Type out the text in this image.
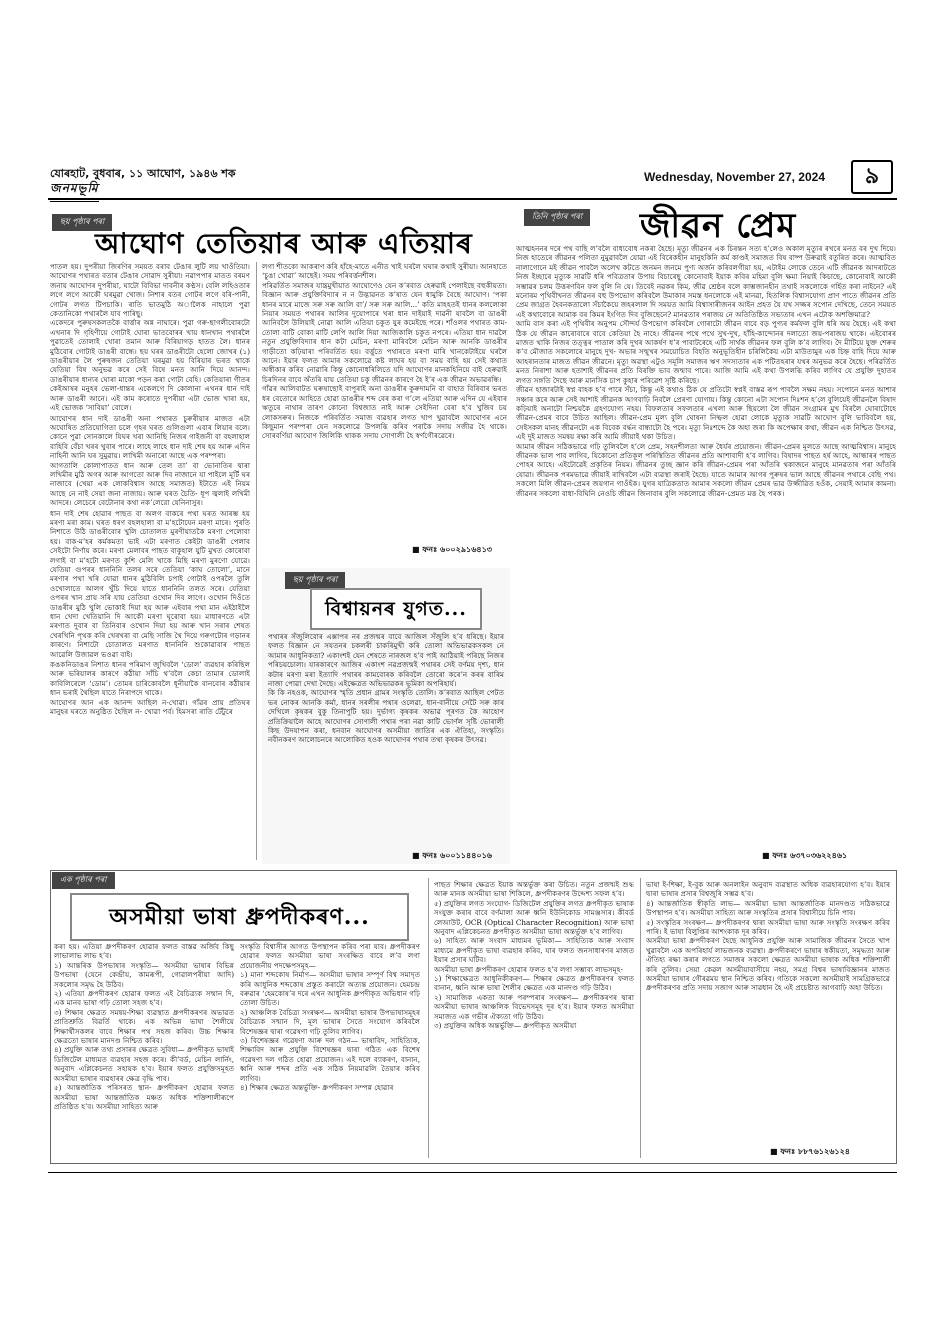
যোৰহাট, বুধবাৰ, ১১ আঘোণ, ১৯৪৬ শক
জনমভূমি
Wednesday, November 27, 2024	৯
ছয় পৃষ্ঠাৰ পৰা
আঘোণ তেতিয়াৰ আৰু এতিয়াৰ

পাতল হয়। দুপৰীয়া জিৰণিৰ সময়ত বৰাব টেঙাৰ লুটি লয় খাওঁতিয়া। আঘোণৰ পথাৰত বতাৰ টেঙাৰ সোৱাদ সুৰীয়া। নৱাপপাৰ মাতত বৰমণ জনায় আঘোণৰ দুপৰীয়া, ঘাটো বিবিভা দাবনীৰ কণ্ঠস। বেলি লহিওতাৰ লগে লগে আকৌ ঘৰমুৱা খোজ। নিশাৰ বতৰ গোটৰ লগে বৰি-পানী, গোটৰ লগত টিপচাকি। ৰাতি ভাতমুঠি অালৈক নাহালে পুৱা কেতানিকো পথাৰলৈ যাব পাৰিছু।
একেদৰে পুৰুষসকলতকৈ বাৰ্ত্তাৰ অন্ন নাঘাৰে। পুৱা গৰু-ছাগলীবোৰটো এখনাৰ দি গৃহিণীয়ে গোটাই ঘোৰা ভাতবোৰৰ খায় ধানখান পথাৰলৈ পুৱাতেই তোলাই খোৰা তমান আৰু বিৰিয়াগড় হাতত লৈ। ধানৰ মুঠিবোৰ গোটাই ডাঙৰী বান্ধে। ছয় ঘৰৰ ডাঙৰীটো হেলো জোখৰ (১) ডাঙৰীয়াৰ লৈ পুৰুষজন তেতিয়া ঘৰমুৱা হয় বিৰিয়াৰ ভৰত থাকে যেতিয়া বিষ অনুভৱ কৰে সেই বিষে মনত আনি দিয়ে আনন্দ। ডাঙৰীয়াৰ ধান্যৰ ঘোৰা মাকো পড়ন কৰা গোটা বেহি। কেতিয়াৰা গীতৰ কেইআষৰ মনুহৰ ভেলা-ধান্তৰ একেলগে দি কোলানা এখনৰ ধান দাই আৰু ডাঙৰী আনে। এই কাম কৰোতে দুপৰীয়া এটা ভোজ খাৰা হয়, এই ভোজক ‘সাবিয়া’ বোলে।

আঘোণৰ ধান দাই ডাঙৰী অনা পথাৰত চুৰুৰীয়াৰ মাজত এটা অঘোষিত প্ৰতিযোগিতা চলে গৃহৰ ঘৰত গুলিগুলা এবাৰ লিয়াৰ বলে। কোনে পুৱা সোনকালে যিঘৰ খৰা আনিছি নিজৰ গাইজনী বা বহলাহাল বাহিবি বেঁচা খৰৰ খুবাৰ পাৰে। লাহে লাহে ধান দাই শেষ হয় আৰু এদিন নাহিনী আনি ঘৰ সুমুৱায়। লাখিমী অনাৰো আছে এক পৰম্পৰা।
আগতালি কোলাপাতত ধান আৰু তেল তা’ বা ভোনাতিৰ দ্বাৰা লখিমীৰ মুঠি অগৰ আৰু আগতো আৰু দিব নাজানে যা পাইলে মূৰ্টি ঘৰ নাজাবে (খেয়া এক লোকবিশ্বাস আছে সমাজত) ইটাতে এই নিয়ম আছে নে নাই সেয়া জনা নাজায়। আৰু ঘৰত চৈতি- ধূপ জ্বলাই লখিমী আদৰে। লেচেৰে বেটোনাৰ কথা নক’লেরো যেনিনাসুৰ।

ধান দাই শেষ হোৱাৰ পাছত বা অলগ বাকৰে পথা ঘৰত আৰম্ভ হয় মৰণা মৰা কাম। ঘৰত ধৰণ বহলহালা বা ম’হটোযেন মৰণা মাৰে। পুৰতি নিশাতে উঠি ডাঙৰীবোৰ খুলি চোতালত মুৰণীয়াতকৈ মৰণা পেলোবা হয়। বাক-ম’হৰ কৰ্মকমতা ভাই এটা মৰণাত কেইটা ডাঙৰী পেলাব সেইটো নিৰ্ণায় কৰে। মৰণা মেলাবৰ পাছত বাকুহাল যুটি মুখত কোৰোবা লগাই বা ম’হটো মৰণত কুশি মেলি খাকে মিছি মৰণা মুৰণো যোৱে। যেতিয়া গুপৰৰ ধাননিনি তলৰ সৰে তেতিয়া ‘কাঘ তোলো’, মানে মৰণাৰ পথা খৰি যোৱা ধানৰ মুঠিবিলি চপাই গোটাই ওপৰলৈ তুলি ওখোলাতে আলগ খুঁচি দিয়ে যাতে ধাননিনি তলত সৰে। যেতিয়া ওপৰৰ খান প্ৰায় সৰি যায় তেতিয়া ওখোন দিব লাগে। ওখোন দিওঁতে ডাঙৰীৰ মুঠি খুলি ভোকাই দিয়া হয় আৰু এইবাৰ পথা মান এইঠাইলৈ ধান খেদা খেতিয়ানি দি আকৌ মৰণা ঘূৰোবা হয়। মাধাৰণতে এটা মৰণাত দুবাৰ বা তিনিবাৰ ওখোন দিয়া হয় আৰু খান সৰাৰ শেষত খেৰখিনি পৃথক কৰি খেৰখৰা বা মেছি সাজি থৈ দিয়ে গৰুগটোৰ গড়ানৰ কাৰণে। নিশাটো চোতালত মৰণাত ধাননিনি শুকোৱাবাৰ পাছত আৱেলি উজাৱল ভওৱা বাই।

কঙকনিডাঙৰ নিশাত ধানৰ পৰিমাণ জুখিবলৈ ‘ডোল’ ব্যৱহাৰ কৰিছিল আৰু ভৰিয়ালৰ কাৰণে কঠীয়া সাঁচি থ’বলৈ কেচা তামাৰ ডোলাই কাবিলিৰেলে ‘ডোম’। তোমৰ চাৰিকোবলৈ ধূনীয়াকৈ বানবোৰ কঠীয়াৰ ধান ভৰাই থৈছিল যাতে নিৰাপদে থাকে।
আঘোণৰ আন এক আনন্দ আছিল ন-খোৱা। গাঁৱৰ প্ৰায় প্ৰতিঘৰ মানুহৰ ঘৰতে অনুষ্ঠিত হৈছিল ন- খোৱা পৰ্ব। হিমসৰা ৰাতি টেঁটুৰে

লগা শীতকো আকৰাণ কৰি হাঁহে-মাতে এনীত খাই ঘৰলৈ ঘঘাৰ কথাই সুৰীয়া। আনহাতে ‘চুঙা খোৱা’ আছেই। সময় পৰিবৰ্ত্তনশীল।
পৰিৱৰ্তিত সমাজৰ যান্ত্ৰমুখীয়াত আঘোণেও যেন ক’ৰবাত হেৰুৱাই পেলাইছে বহুকীয়তা। বিজ্ঞান আৰু প্ৰযুক্তিবিদ্যাৰ ন ন উদ্ভাৱনত ক’ষাত যেন ধামুকি বৈছে আঘোণ। ‘পকা ধানৰ মাৰে মাজে সৰু সৰু আলি বা’/ সৰু সৰু আলি...’ কতি মাহহতই ধানৰ কললোকা নিয়াৰ সময়ত পথাৰৰ আলিৰ দুয়োপাৰে খৰা ধান দাইয়াই দাৱনী যাবলৈ বা ডাঙৰী আনিবলৈ উলিয়াই নোৱা আলি এতিয়া চকুত যুৰ কমেইছে পৰে। শাঁওলৰ পথাৰত কাম-তোলা বাটি বোকা মাটি লেপি আলি দিয়া আজিকালি চকুত নপৰে। এতিয়া ধান দাৱলৈ নতুন প্ৰযুক্তিবিদ্যাৰ ধান কটা মেচিন, মৰণা মাৰিবলৈ মেচিন আৰু আনকি ডাঙৰীৰ গাড়ীতো কঢ়িয়াৰা পৰিবৰ্তিত হয়। বৰ্ত্তুতে পথাৰতে মৰণা মাৰি খানকেটাইয়ে ঘৰলৈ আনে। ইয়াৰ ফলত আমাৰ সকলোৱে কষ্ট লাঘৰ হয় বা সময় বাহি হয় সেই কথাত অস্বীকাৰ কৰিব নোৱাৰি কিন্তু কোনোধৰিলিতে যদি আঘোণৰ মানকহিনিয়ে বাই হেৰুৱাই চিৰদিনৰ বাবে অঁতৰি যায় তেতিয়া চকু জীৱনৰ কাৰণে হৈ ই’ৰ এক জীৱন অভাৱৰন্ধি।
গাঁৱৰ আলিবাটত ঘৰুষাছোই বাপুৰাই অনা ডাঙৰীৰ কুৰুদামনি বা বাহাত বিৰিবাৰ ভৰত ধৰ বেতোৰে আহিতে হোৱা ডাঙৰীৰ শব্দ বেৰ কৰা গ’লে এতিয়া আৰু এদিন যে এইবাৰ ঋতুৰে নাথাৰ তাৰণ কোনো বিশ্বজাত নাই আৰু সেইদিনা বেৰা হ’ব খুজিব চয় লোকসৰুৰ। নিজকে পৰিবৰ্তিত সমাজ ব্যৱহাৰ লগত খাপ খুৱাবলৈ আঘোণৰ এনে কিছুমান পৰম্পৰা যেন সকলোৱে উপলব্ধি কৰিব পৰাকৈ সদায় সজীৱ হৈ থাকে। সোৰবৰ্ণিয়া আঘোণ জিলিকি থাকক সদায় সোণালী হৈ স্বৰ্ণগৌৰৱেৰে।

■ ফনঃ ৬০০২৯১৬৪১৩
ছয় পৃষ্ঠাৰ পৰা
বিশ্বায়নৰ যুগত...

পথাৰৰ সঁজুলিবোৰ এক্সাপৰ নৰ প্ৰজন্মৰ বাবে আজিল সঁজুলি হ’ব ধৰিছে। ইয়াৰ ফলত বিজ্ঞান নে সযতনৰ চকলৰী চাকৰিমুখী কৰি তোলা অভিভাৱকসকল নে আমাৰ আধুনিকতা? একাংশই যেন শেষতে নাৰজল হ’ব পাই আঠিয়াই পৰিছে নিজৰ পৰিচয়চোলা। যাৰকাৰণে আজিৰ একাংশ নৱপ্ৰজন্মই পথাৰৰ সেই বৰ্ণময় দৃশ্য, ধান কটাৰ মৰণা মৰা ইত্যাদি পথাৰৰ কামবোৰক কৰিবলৈ তোৰো কৰে’ন কৰৰ বাৰিম নাজা পোৱা দেখা দৈছে। এইক্ষেত্ৰত অভিভাৱকৰ ভূমিকা অপৰিহাৰ্য।
কি কি নহওক, আঘোণৰ স্মৃতি প্ৰধান গ্ৰামৰ সংস্কৃতি তোলি। ক’ৰবাত আছিল পেটত ভৰ নোকৰ আনকি কৰ্মা, ধানৰ সৰলীৰ পথাৰ ওলেৱা, ধান-বানীয়ে সেটৈ সৰু কাৰ দেখিলে কৃষকৰ বুকু তিনাপুটি হয়। দুৰ্ভাগ্য কৃষকৰ অভাৱ পূৰণত কৈ আহোণ প্ৰতিক্ৰিয়ালৈ আহে আঘোণৰ সোণালী পথাৰ পৰা নৱা কাটি ভোৰ্ণল সৃষ্টি ভোৰালী কিছ উদযাপন কৰা, ধনবান আঘোণৰ অসমীয়া জাতিৰ এক ঐতিহ্য, সংস্কৃতি। নবীনকৰণ আলোচনৰে আলোকিত হওক আঘোণৰ পথাৰ তথা কৃষকৰ উৎসৱ।

■ ফনঃ ৬০০১১৪৪০১৬
তিনি পৃষ্ঠাৰ পৰা জীৱন প্ৰেম

আত্মহননৰ দৰে পথ বাছি ল’বলৈ বাধ্যবোধ নকৰা হৈছে। মৃত্যু জীৱনৰ এক চিৰন্তন সত্য হ’লেও অকাল মৃত্যুৰ ৰখৰে মনত বৰ দুখ দিয়ে। নিজ হাতেৰে জীৱনৰ পলিতা নুমুৱাবলৈ যোৱা এই বিৰেকহীন মানুহকিনি কৰ্ম কাণ্ডই সমাজত বিষ বাষ্প উৰুৱাই বতুৰিত কৰে। আত্মবিত নালাগোনে মই জীৱন পাবলৈ অলেখ কটতে জনমন জনমে পুণ্য অৰ্জন কৰিবলগীয়া হয়, এটাইম লোকে তেনে এটি জীৱনক আদৰাটতে নিজ ইচ্ছাৰে মৃত্যুক সাৱটি ধৰি পবিত্ৰতাৰ উপায় বিচাৰেছু কোনোবাই ইয়াক কবিৰ মহিমা বুলি ক্ষমা নিয়াই কিচাছে, কোনোবাই আকৌ সম্ভাৱৰ চলম উত্তৰণবিন ফল বুলি নি যে। তিবেই নৱকৰ কিম, জীৱ শ্ৰেষ্ঠৰ বলে কাম্ভজানহীন তথাই সকলোকে গৰ্হিত কৰা নাইনে? এই মনোৰম পৃথিবীখনত জীৱনৰ বহু উপভোগ কৰিবলৈ উমাকাৰ সমস্ত ধনলোকে এই মানৱা, হিতলিক বিশ্বাসযোগ্য প্ৰাণ পাতে জীৱনৰ প্ৰতি প্ৰেম জাগ্ৰত হৈবনকতালো সঁচাকৈয়ে জহৰলাল দি সময়ত আমি বিশ্বাসাৰীজনৰ আইন প্ৰহত যৈ যখ সজ্জৰ সপোন দেখিছে, তেনে সময়ত এই কথাবোৰে আমাক বৰ কিমৰ ইংগিত দিব বুজিছেনে? মানৱতাৰ পৰাজয় নে অতিতিষ্ঠিত সভ্যতাৰ এখন এটোক অশক্তিমাত্ৰ?
আমি বাস কৰা এই পৃথিবীৰ অনুপম সৌন্দৰ্য উপভোগ কৰিবলৈ গোৰাটো জীৱন বাবে বড় পুণ্যৰ কৰ্মফল বুলি ধৰি অয় হৈছে। এই কথা ঠিক যে জীৱন কাৰোবাৰে বাবে কেতিয়া হৈ নাহে। জীৱনৰ পথে পথে সুখ-দুখ, হাঁহি-কান্দোনৰ দলাতো জয়-পৰাজয় থাকে। এইবোৰৰ মাজত থাকি নিজৰ তত্ত্বৰ পাতাল কৰি দুখৰ আকৰ্ষণ ধ’ৰ পাবাটৰেহে এটি সাৰ্থক জীৱনৰ ফল বুলি ক’ব লাগিব। দৈ মীটিয়ে যুক্ত শেৰুৰ ক’ব মৌজাত সকলোৰে মানুহে দুখ- অভাৰ সন্মুখৰ সময়োচিত বিহতি অনুভূতিহীন চৰিলিকৈয় এটা মাউতামুৰ এক চিহ্ন বাহি দিয়ে আৰু আহৰানতাৰ মাজত জীৱন জীৱনে। মৃত্যু অৱস্থা এটুও সমূলি সমাজৰ ঋণ সদস্যতাৰ এক পটিতহৰাৰ যথৰ অনুভৱ কৰে হৈছে। পৰিৱৰ্তিত মনত নিৰাশা আৰু হতাশাই জীৱনৰ প্ৰতি বিৰক্তি ভাব জন্মাব পাৰে। আজি আমি এই কথা উপলব্ধি কৰিব লাগিব যে প্ৰযুক্তি দুহাতৰ লগত সঙ্গতি দৈছে আৰু মানসিক চাপ কুহাৰ পৰিৱেশ সৃষ্টি কৰিছে।
জীৱন হাজাৰটাই স্বপ্ন বাহক হ’ব পাৰে সঁচা, কিন্তু এই কথাও ঠিক যে প্ৰতিটো স্বপ্নই বাস্তৱ ৰূপ পাবলৈ সক্ষম নহয়। সপোনে মনত আশাৰ সঞ্চাৰ কৰে আৰু সেই আশাই জীৱনক আগবাঢ়ি নিবলৈ প্ৰেৰণা যোগায়। কিন্তু কোনো এটা সপোন দিঃশন হ’লে বুলিয়েই জীৱনলৈ বিষাদ কঢ়িয়াই অনাটো নিশ্চয়কৈ গ্ৰহণযোগ্য নহয়। বিফলতাৰ সফলতাৰ এখলা আৰু ছিয়লো লৈ জীৱন সংগ্ৰামৰ মুখ বিৰলৈ ঘোৰাটোহে জীৱন-প্ৰেমৰ বাবে উচিত আছিল। জীৱন-প্ৰেম মূল্য বুলি ঘোষনা নিষ্ফল হোৱা লোকে মৃত্যুক সাৱটি আঘোণ বুলি ভাবিবলৈ হয়, সেইসকল মানহ জীৱনটো এক বিবেক বৰ্দ্ধন বান্ধাটো হৈ পৰে। মৃত্যু নিঃশব্দে কৈ অহা জৰা কি অপেক্ষাৰ কথা, জীৱন এক নিশ্চিত উৎসৱ, এই দুই মাজত সমন্বয় ৰক্ষা কৰি আমি জীয়াই থকা উচিত।
আমাৰ জীৱন সঠিকভাৱে গঢ়ি তুলিবলৈ হ’লে প্ৰেম, সহনশীলতা আৰু ধৈৰ্যৰ প্ৰয়োজন। জীৱন-প্ৰেমৰ মূলতে আছে আত্মবিশ্বাস। মানুহে জীৱনক ভাল পাব লাগিব, যিকোনো প্ৰতিকূল পৰিস্থিতিত জীৱনৰ প্ৰতি আশাবাদী হ’ব লাগিব। বিষাদৰ পাছত হৰ্ষ আহে, আন্ধাৰৰ পাছত পোহৰ আহে। এইটোৱেই প্ৰকৃতিৰ নিয়ম। জীৱনৰ তুচ্ছ জ্ঞান কৰি জীৱন-প্ৰেমৰ পৰা আঁতৰি থকাজনে মানুহে মানৱতাৰ পৰা আঁতৰি যোৱা। জীৱনক পৰমভাৱে জীয়াই ৰাখিবলৈ এটা ব্যৱস্থা জৰাই হৈছে। যাতে আমাৰ আগৰ পুৰুষৰ ভাল আছে জীৱনৰ পথাৰে বেছি পথ। সকলো মিলি জীৱন-প্ৰেমৰ জয়গান গাওঁহঁক। যুগৰ যাত্ৰিকতাত আমাৰ সকলো জীৱন প্ৰেমৰ ভাৱ উজ্জীৱিত হওঁক, সেয়াই আমাৰ কামনা। জীৱনৰ সকলো বাধা-বিঘিনি নেওচি জীৱন জিনাবাৰ বুলি সকলোৱে জীৱন-প্ৰেমত মত্ত হৈ পৰক।

■ ফনঃ ৬৩৭০৩৬২২৪৬১
এক পৃষ্ঠাৰ পৰা
অসমীয়া ভাষা ধ্ৰুপদীকৰণ...

কৰা হয়। এতিয়া ধ্ৰুপদীকৰণ হোৱাৰ ফলত বাস্তৱ অৰ্জিব কিছু লাভালাভ লাভ হ’ব।
১) আন্তৰিক উপভাষাৰ সংস্কৃতি— অসমীয়া ভাষাৰ বিভিন্ন উপভাষা (যেনে কেন্দ্ৰীয়, কামৰূপী, গোৱালপৰীয়া আদি) সকলোৰ সমৃদ্ধ হৈ উঠিব।
২) এতিয়া ধ্ৰুপদীকৰণ হোৱাৰ ফলত এই বৈচিত্ৰ্যক সন্মান দি, এক মানব ভাষা গঢ়ি তোলা সহজ হ’ব।
৩) শিক্ষাৰ ক্ষেত্ৰত সমন্বয়-শিক্ষা ব্যৱস্থাত ধ্ৰুপদীকৰণৰ অভাৱত প্ৰাতিশ্ৰুতি বিৱৰ্তি থাকে। এক অভিন্ন ভাষা শৈলীয়ে শিক্ষাৰ্থীসকলৰ বাবে শিক্ষাৰ পথ সহজ কৰিব। উচ্চ শিক্ষাৰ ক্ষেত্ৰতো ভাষাৰ মানদণ্ড নিশ্চিত কৰিব।
৪) প্ৰযুক্তি আৰু তথ্য প্ৰসাৰৰ ক্ষেত্ৰত সুবিধা— ধ্ৰুপদীকৃত ভাষাই ডিজিটেল মাধ্যমত ব্যৱহাৰ সহজ কৰে। কী’বৰ্ড, মেচিন লাৰ্নিং, অনুবাদ এপ্লিকেচনত সহায়ক হ’ব। ইয়াৰ ফলত প্ৰযুক্তিসমূহত অসমীয়া ভাষাৰ ব্যৱহাৰৰ ক্ষেত্ৰ বৃদ্ধি পাব।
৫) আন্তৰ্জাতিক পৰিসৰত স্থান- ধ্ৰুপদীকৰণ হোৱাৰ ফলত অসমীয়া ভাষা আন্তৰ্জাতিক মঞ্চত অধিক শক্তিশালীৰূপে প্ৰতিষ্ঠিত হ’ব। অসমীয়া সাহিত্য আৰু

সংস্কৃতি বিশ্বাসীৰ আগত উপস্থাপন কৰিব পৰা যাব। ধ্ৰুপদীকৰণ হোৱাৰ ফলত অসমীয়া ভাষা সংৰক্ষিত বাবে ল’ব লগা প্ৰয়োজনীয় পদক্ষেপসমূহ—
১) মানা শব্দকোষ নিৰ্মাণ— অসমীয়া ভাষাৰ সম্পূৰ্ণ বিশ্ব সমাদৃত কৰি আধুনিক শব্দকোষ প্ৰস্তুত কৰাটো অত্যন্ত প্ৰয়োজন। হেমচন্দ্ৰ বৰুৱাৰ ‘হেমকোষ’ৰ দৰে এখন আধুনিক ধ্ৰুপদীকৃত অভিধান গঢ়ি তোলা উচিত।
২) আঞ্চলিক বৈচিত্ৰ্য সংৰক্ষণ— অসমীয়া ভাষাৰ উপভাষাসমূহৰ বৈচিত্ৰ্যক সন্মান দি, মূল ভাষাৰ সৈতে সংযোগ কৰিবলৈ বিশেষজ্ঞৰ দ্বাৰা গৱেষণা গঢ়ি তুলিব লাগিব।
৩) বিশেষজ্ঞৰ গৱেষণা আৰু দল গঠন— ভাষাবিদ, সাহিত্যিক, শিক্ষাবিদ আৰু প্ৰযুক্তি বিশেষজ্ঞৰ দ্বাৰা গঠিত এক বিশেষ গৱেষণা দল গঠিত হোৱা প্ৰয়োজন। এই দলে ব্যাকৰণ, বানান, ধ্বনি আৰু শব্দৰ প্ৰতি এক সঠিক নিয়মাৱলি তৈয়াৰ কৰিব লাগিব।
৪) শিক্ষাৰ ক্ষেত্ৰত অন্তৰ্ভুক্তি- ধ্ৰুপদীকৰণ সম্পন্ন হোৱাৰ

পাছত শিক্ষাৰ ক্ষেত্ৰত ইয়াক অন্তৰ্ভুক্ত কৰা উচিত। নতুন প্ৰজন্মই শুদ্ধ আৰু মানক অসমীয়া ভাষা শিকিলে, ধ্ৰুপদীকৰণৰ উদ্দেশ্য সফল হ’ব।
৫) প্ৰযুক্তিৰ লগত সংযোগ- ডিজিটেল প্ৰযুক্তিৰ লগত ধ্ৰুপদীকৃত ভাষাক সংযুক্ত কৰাৰ বাবে বৰ্ণমালা আৰু ধ্বনি ইউনিকোড সামঞ্জস্যৰ। কীবৰ্ড লেআউট, OCR (Optical Character Recognition) আৰু ভাষা অনুবাদ এপ্লিকেচনত ধ্ৰুপদীকৃত অসমীয়া ভাষা অন্তৰ্ভুক্ত হ’ব লাগিব।
৬) সাহিত্য আৰু সংবাদ মাধ্যমৰ ভূমিকা— সাহিত্যিক আৰু সংবাদ মাধ্যমে ধ্ৰুপদীকৃত ভাষা ব্যৱহাৰ কৰিব, যাৰ ফলত জনসাধাৰণৰ মাজত ইয়াৰ প্ৰসাৰ ঘটিব।
অসমীয়া ভাষা ধ্ৰুপদীকৰণ হোৱাৰ ফলত হ’ব লগা সম্ভাব্য লাভসমূহ-
১) শিক্ষাক্ষেত্ৰত আধুনিকীকৰণ— শিক্ষাৰ ক্ষেত্ৰত ধ্ৰুপদীকৰণৰ ফলত বানান, ধ্বনি আৰু ভাষা শৈলীৰ ক্ষেত্ৰত এক মানদণ্ড গঢ়ি উঠিব।
২) সামাজিক একতা আৰু পৰম্পৰাৰ সংৰক্ষণ— ধ্ৰুপদীকৰণৰ দ্বাৰা অসমীয়া ভাষাৰ আঞ্চলিক বিভেদসমূহ দূৰ হ’ব। ইয়াৰ ফলত অসমীয়া সমাজত এক গভীৰ ঐক্যতা গঢ়ি উঠিব।
৩) প্ৰযুক্তিৰ অধিক অন্তৰ্ভুক্তি— ধ্ৰুপদীকৃত অসমীয়া

ভাষা ই-শিক্ষা, ই-বুক আৰু অনলাইন অনুবাদ ব্যৱস্থাত অধিক ব্যৱহাৰযোগ্য হ’ব। ইয়াৰ দ্বাৰা ভাষাৰ প্ৰসাৰ বিশ্বজুৰি সম্ভৱ হ’ব।
৪) আন্তৰ্জাতিক স্বীকৃতি লাভ— অসমীয়া ভাষা আন্তৰ্জাতিক মানদণ্ডত সঠিকভাৱে উপস্থাপন হ’ব। অসমীয়া সাহিত্য আৰু সংস্কৃতিৰ প্ৰসাৰ বিশ্বাসীয়ে চিনি পাব।
৫) সংস্কৃতিৰ সংৰক্ষণ— ধ্ৰুপদীকৰণৰ দ্বাৰা অসমীয়া ভাষা আৰু সংস্কৃতি সংৰক্ষণ কৰিব পাৰি। ই ভাষা বিলুপ্তিৰ আশংকাক দূৰ কৰিব।
অসমীয়া ভাষা ধ্ৰুপদীকৰণ হৈছে আধুনিক প্ৰযুক্তি আৰু সামাজিক জীৱনৰ সৈতে খাপ খুৱাবলৈ এক অপৰিহাৰ্য লাভজনক ব্যৱস্থা। ধ্ৰুপদীকৰণে ভাষাৰ স্বকীয়তা, সমৃদ্ধতা আৰু ঐতিহ্য ৰক্ষা কৰাৰ লগতে সমাজৰ সকলো ক্ষেত্ৰত অসমীয়া ভাষাক অধিক শক্তিশালী কৰি তুলিব। সেয়া কেৱল অসমীয়াবাসীয়ে নহয়, সমগ্ৰ বিশ্বৰ ভাষাবিজ্ঞানৰ মাজত অসমীয়া ভাষাৰ গৌৰৱময় স্থান নিশ্চিত কৰিব। গতিকে সকলো অসমীয়াই সামগ্ৰিকভাৱে ধ্ৰুপদীকৰণৰ প্ৰতি সদায় সজাগ আৰু সাৱধান হৈ এই প্ৰচেষ্টাত আগবাঢ়ি অহা উচিত।

■ ফনঃ ৮৮৭৬১২৬১২৪
